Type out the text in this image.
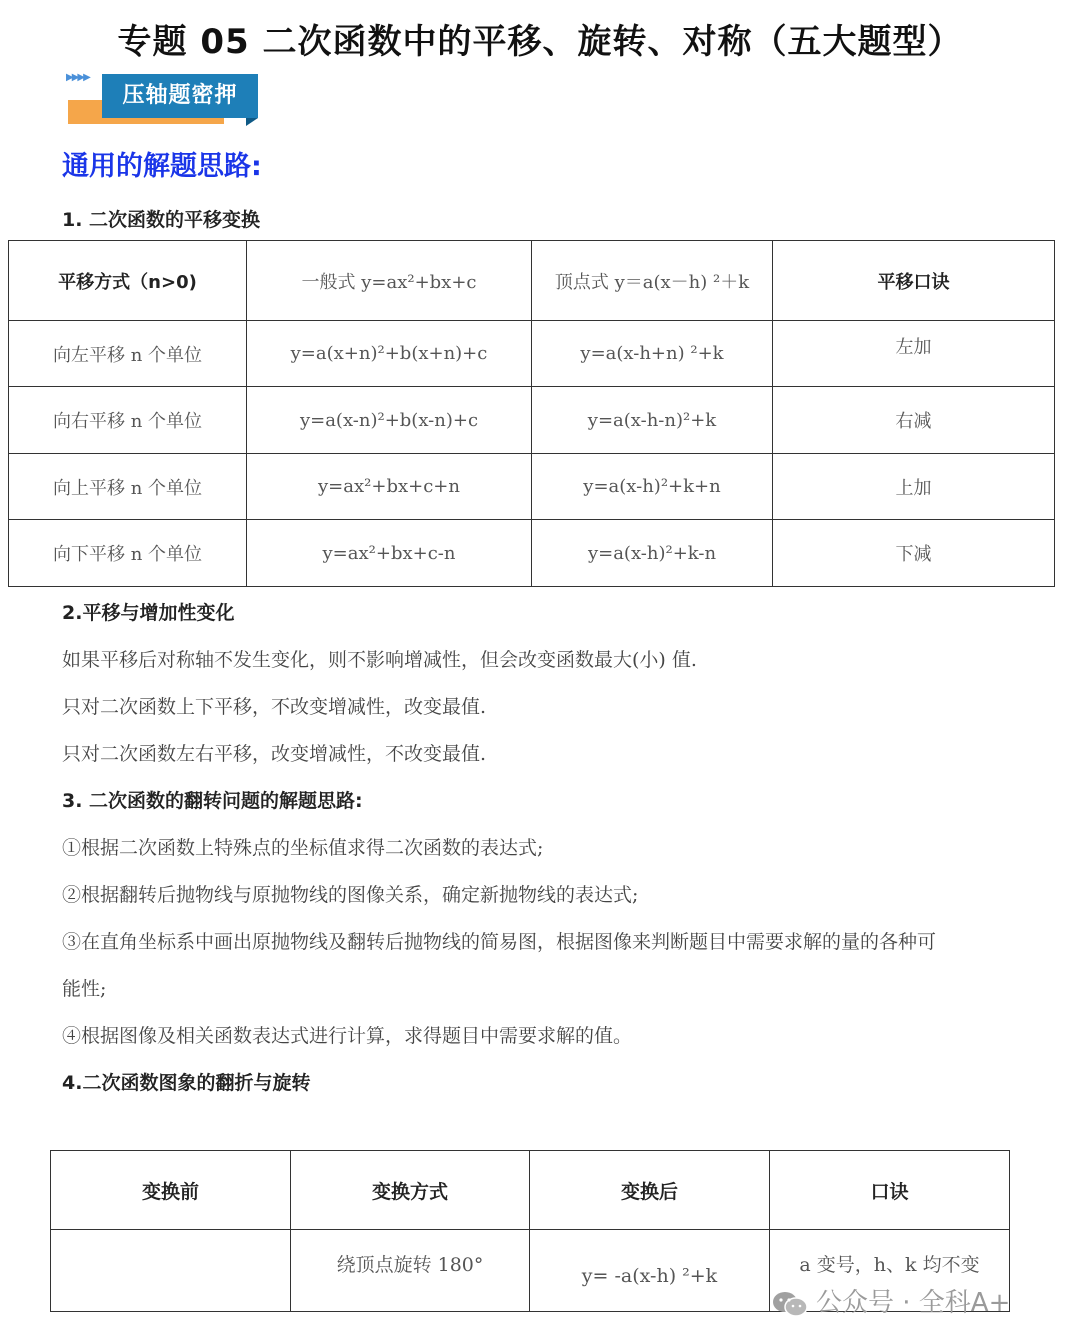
专题 05 二次函数中的平移、旋转、对称（五大题型）
▶▶▶▶
压轴题密押
通用的解题思路:
1. 二次函数的平移变换
平移方式（n>0)	一般式 y=ax²+bx+c	顶点式 y＝a(x－h) ²＋k	平移口诀
向左平移 n 个单位	y=a(x+n)²+b(x+n)+c	y=a(x-h+n) ²+k	左加
向右平移 n 个单位	y=a(x-n)²+b(x-n)+c	y=a(x-h-n)²+k	右减
向上平移 n 个单位	y=ax²+bx+c+n	y=a(x-h)²+k+n	上加
向下平移 n 个单位	y=ax²+bx+c-n	y=a(x-h)²+k-n	下减
2.平移与增加性变化
如果平移后对称轴不发生变化，则不影响增减性，但会改变函数最大(小) 值.
只对二次函数上下平移，不改变增减性，改变最值.
只对二次函数左右平移，改变增减性，不改变最值.
3. 二次函数的翻转问题的解题思路:
①根据二次函数上特殊点的坐标值求得二次函数的表达式;
②根据翻转后抛物线与原抛物线的图像关系，确定新抛物线的表达式;
③在直角坐标系中画出原抛物线及翻转后抛物线的简易图，根据图像来判断题目中需要求解的量的各种可
能性;
④根据图像及相关函数表达式进行计算，求得题目中需要求解的值。
4.二次函数图象的翻折与旋转
变换前	变换方式	变换后	口诀
	绕顶点旋转 180°	y= -a(x-h) ²+k	a 变号，h、k 均不变
公众号 · 全科A+
